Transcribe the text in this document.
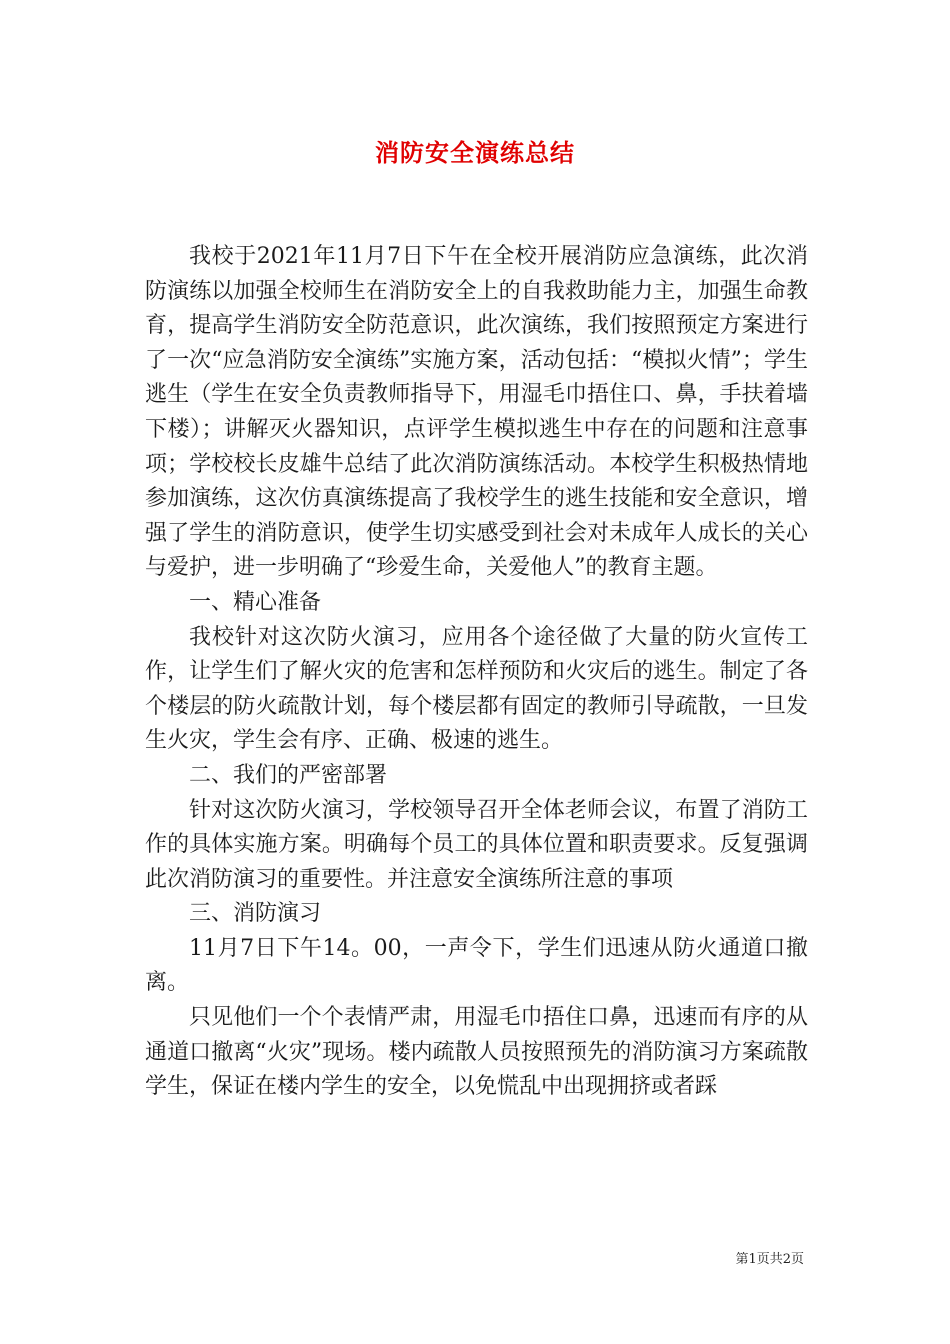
消防安全演练总结

我校于2021年11月7日下午在全校开展消防应急演练，此次消防演练以加强全校师生在消防安全上的自我救助能力主，加强生命教育，提高学生消防安全防范意识，此次演练，我们按照预定方案进行了一次“应急消防安全演练”实施方案，活动包括：“模拟火情”；学生逃生（学生在安全负责教师指导下，用湿毛巾捂住口、鼻，手扶着墙下楼）；讲解灭火器知识，点评学生模拟逃生中存在的问题和注意事项；学校校长皮雄牛总结了此次消防演练活动。本校学生积极热情地参加演练，这次仿真演练提高了我校学生的逃生技能和安全意识，增强了学生的消防意识，使学生切实感受到社会对未成年人成长的关心与爱护，进一步明确了“珍爱生命，关爱他人”的教育主题。

一、精心准备

我校针对这次防火演习，应用各个途径做了大量的防火宣传工作，让学生们了解火灾的危害和怎样预防和火灾后的逃生。制定了各个楼层的防火疏散计划，每个楼层都有固定的教师引导疏散，一旦发生火灾，学生会有序、正确、极速的逃生。

二、我们的严密部署

针对这次防火演习，学校领导召开全体老师会议，布置了消防工作的具体实施方案。明确每个员工的具体位置和职责要求。反复强调此次消防演习的重要性。并注意安全演练所注意的事项

三、消防演习

11月7日下午14。00，一声令下，学生们迅速从防火通道口撤离。

只见他们一个个表情严肃，用湿毛巾捂住口鼻，迅速而有序的从通道口撤离“火灾”现场。楼内疏散人员按照预先的消防演习方案疏散学生，保证在楼内学生的安全，以免慌乱中出现拥挤或者踩

第1页共2页
